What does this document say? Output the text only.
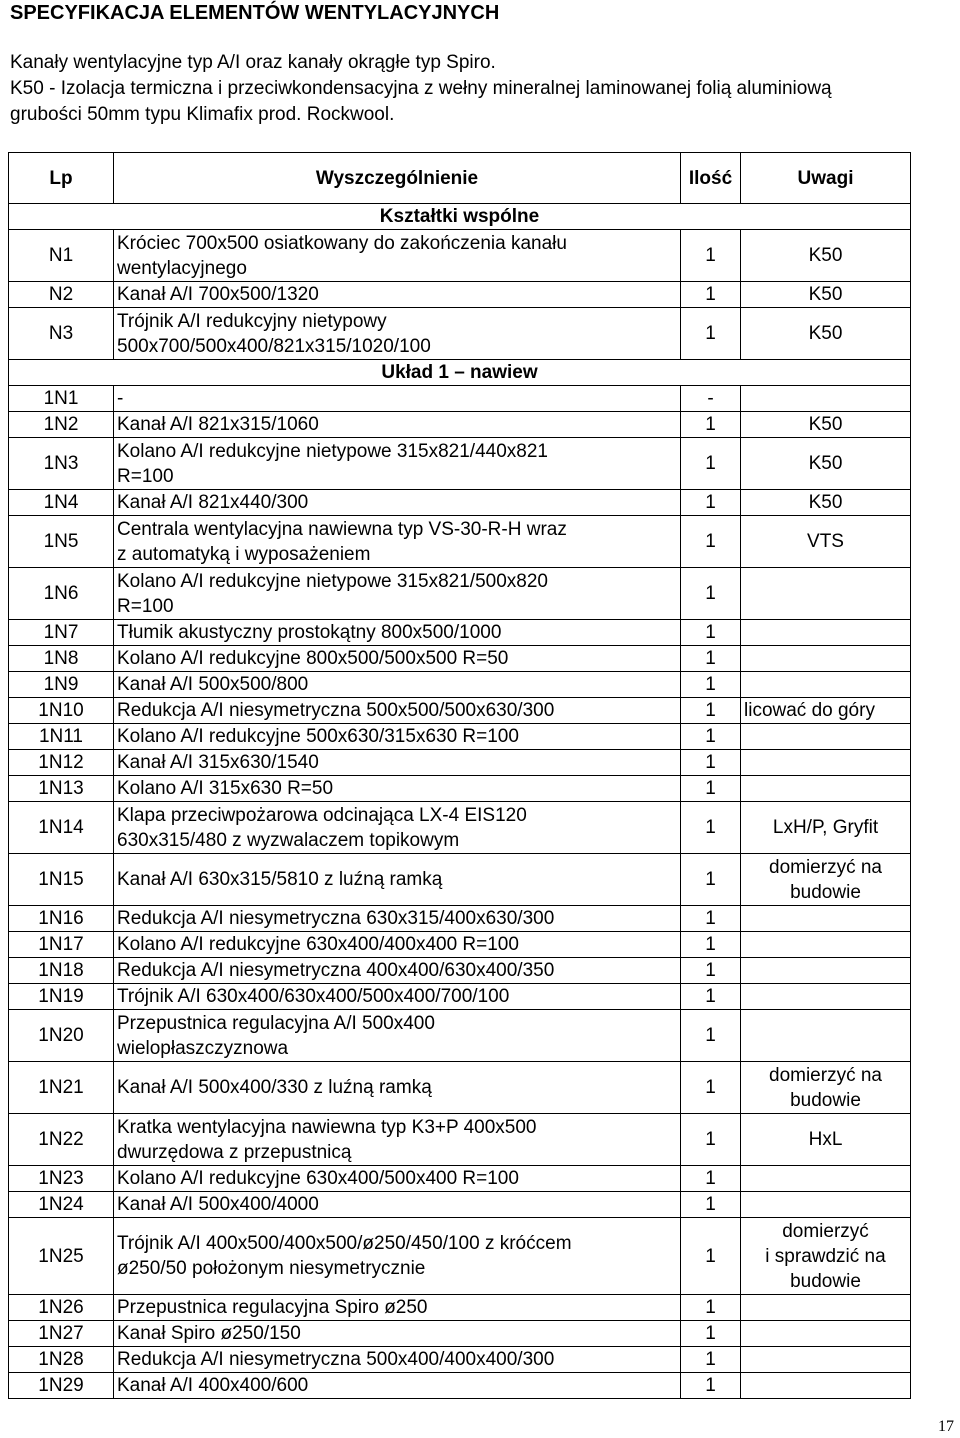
SPECYFIKACJA ELEMENTÓW WENTYLACYJNYCH
Kanały wentylacyjne typ A/I oraz kanały okrągłe typ Spiro.
K50 - Izolacja termiczna i przeciwkondensacyjna z wełny mineralnej laminowanej folią aluminiową
grubości 50mm typu Klimafix prod. Rockwool.
Lp	Wyszczególnienie	Ilość	Uwagi
Kształtki wspólne			
N1	Króciec 700x500 osiatkowany do zakończenia kanału
wentylacyjnego	1	K50
N2	Kanał A/I 700x500/1320	1	K50
N3	Trójnik A/I redukcyjny nietypowy
500x700/500x400/821x315/1020/100	1	K50
Układ 1 – nawiew			
1N1	-	-	
1N2	Kanał A/I 821x315/1060	1	K50
1N3	Kolano A/I redukcyjne nietypowe 315x821/440x821
R=100	1	K50
1N4	Kanał A/I 821x440/300	1	K50
1N5	Centrala wentylacyjna nawiewna typ VS-30-R-H wraz
z automatyką i wyposażeniem	1	VTS
1N6	Kolano A/I redukcyjne nietypowe 315x821/500x820
R=100	1	
1N7	Tłumik akustyczny prostokątny 800x500/1000	1	
1N8	Kolano A/I redukcyjne 800x500/500x500 R=50	1	
1N9	Kanał A/I 500x500/800	1	
1N10	Redukcja A/I niesymetryczna 500x500/500x630/300	1	licować do góry
1N11	Kolano A/I redukcyjne 500x630/315x630 R=100	1	
1N12	Kanał A/I 315x630/1540	1	
1N13	Kolano A/I 315x630 R=50	1	
1N14	Klapa przeciwpożarowa odcinająca LX-4 EIS120
630x315/480 z wyzwalaczem topikowym	1	LxH/P, Gryfit
1N15	Kanał A/I 630x315/5810 z luźną ramką	1	domierzyć na
budowie
1N16	Redukcja A/I niesymetryczna 630x315/400x630/300	1	
1N17	Kolano A/I redukcyjne 630x400/400x400 R=100	1	
1N18	Redukcja A/I niesymetryczna 400x400/630x400/350	1	
1N19	Trójnik A/I 630x400/630x400/500x400/700/100	1	
1N20	Przepustnica regulacyjna A/I 500x400
wielopłaszczyznowa	1	
1N21	Kanał A/I 500x400/330 z luźną ramką	1	domierzyć na
budowie
1N22	Kratka wentylacyjna nawiewna typ K3+P 400x500
dwurzędowa z przepustnicą	1	HxL
1N23	Kolano A/I redukcyjne 630x400/500x400 R=100	1	
1N24	Kanał A/I 500x400/4000	1	
1N25	Trójnik A/I 400x500/400x500/ø250/450/100 z króćcem
ø250/50 położonym niesymetrycznie	1	domierzyć
i sprawdzić na
budowie
1N26	Przepustnica regulacyjna Spiro ø250	1	
1N27	Kanał Spiro ø250/150	1	
1N28	Redukcja A/I niesymetryczna 500x400/400x400/300	1	
1N29	Kanał A/I 400x400/600	1	
17
